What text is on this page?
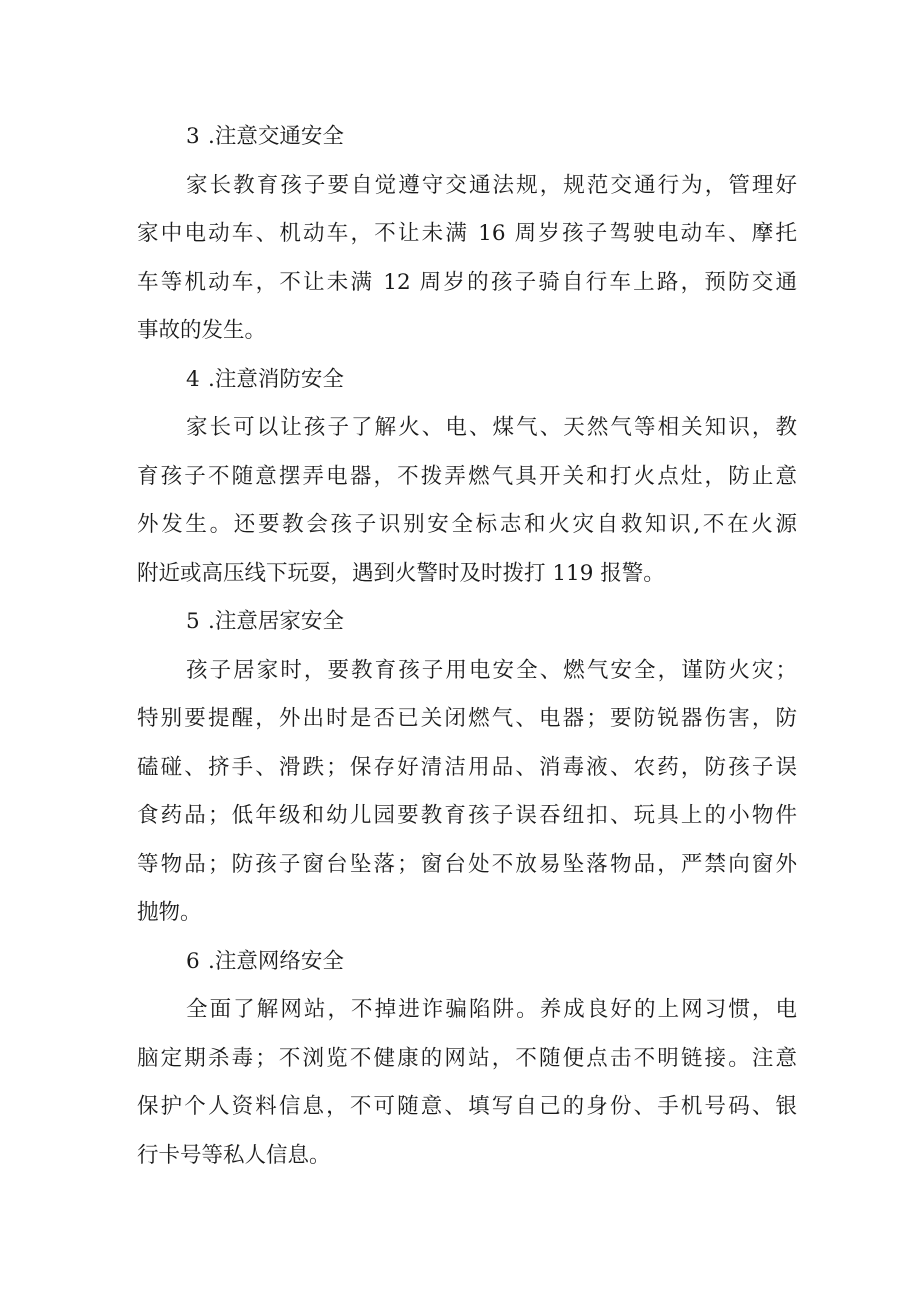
3 .注意交通安全
家长教育孩子要自觉遵守交通法规，规范交通行为，管理好
家中电动车、机动车，不让未满 16 周岁孩子驾驶电动车、摩托
车等机动车，不让未满 12 周岁的孩子骑自行车上路，预防交通
事故的发生。
4 .注意消防安全
家长可以让孩子了解火、电、煤气、天然气等相关知识，教
育孩子不随意摆弄电器，不拨弄燃气具开关和打火点灶，防止意
外发生。还要教会孩子识别安全标志和火灾自救知识,不在火源
附近或高压线下玩耍，遇到火警时及时拨打 119 报警。
5 .注意居家安全
孩子居家时，要教育孩子用电安全、燃气安全，谨防火灾；
特别要提醒，外出时是否已关闭燃气、电器；要防锐器伤害，防
磕碰、挤手、滑跌；保存好清洁用品、消毒液、农药，防孩子误
食药品；低年级和幼儿园要教育孩子误吞纽扣、玩具上的小物件
等物品；防孩子窗台坠落；窗台处不放易坠落物品，严禁向窗外
抛物。
6 .注意网络安全
全面了解网站，不掉进诈骗陷阱。养成良好的上网习惯，电
脑定期杀毒；不浏览不健康的网站，不随便点击不明链接。注意
保护个人资料信息，不可随意、填写自己的身份、手机号码、银
行卡号等私人信息。
